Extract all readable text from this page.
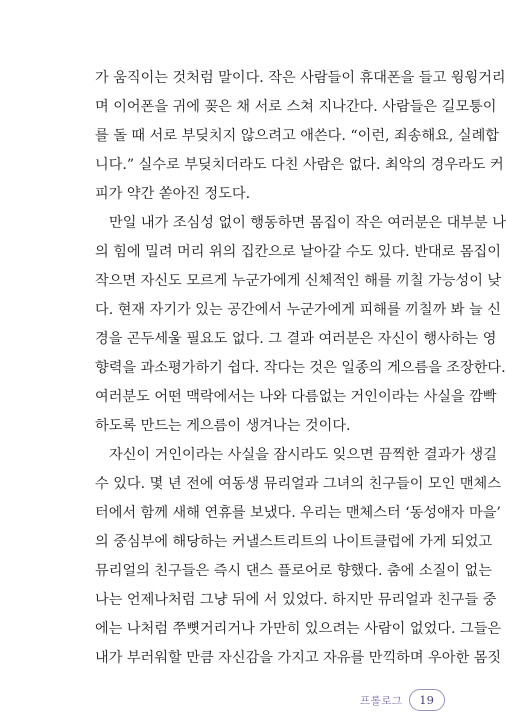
가 움직이는 것처럼 말이다. 작은 사람들이 휴대폰을 들고 윙윙거리
며 이어폰을 귀에 꽂은 채 서로 스쳐 지나간다. 사람들은 길모퉁이
를 돌 때 서로 부딪치지 않으려고 애쓴다. “이런, 죄송해요, 실례합
니다.” 실수로 부딪치더라도 다친 사람은 없다. 최악의 경우라도 커
피가 약간 쏟아진 정도다.
만일 내가 조심성 없이 행동하면 몸집이 작은 여러분은 대부분 나
의 힘에 밀려 머리 위의 집칸으로 날아갈 수도 있다. 반대로 몸집이
작으면 자신도 모르게 누군가에게 신체적인 해를 끼칠 가능성이 낮
다. 현재 자기가 있는 공간에서 누군가에게 피해를 끼칠까 봐 늘 신
경을 곤두세울 필요도 없다. 그 결과 여러분은 자신이 행사하는 영
향력을 과소평가하기 쉽다. 작다는 것은 일종의 게으름을 조장한다.
여러분도 어떤 맥락에서는 나와 다름없는 거인이라는 사실을 깜빡
하도록 만드는 게으름이 생겨나는 것이다.
자신이 거인이라는 사실을 잠시라도 잊으면 끔찍한 결과가 생길
수 있다. 몇 년 전에 여동생 뮤리얼과 그녀의 친구들이 모인 맨체스
터에서 함께 새해 연휴를 보냈다. 우리는 맨체스터 ‘동성애자 마을’
의 중심부에 해당하는 커낼스트리트의 나이트클럽에 가게 되었고
뮤리얼의 친구들은 즉시 댄스 플로어로 향했다. 춤에 소질이 없는
나는 언제나처럼 그냥 뒤에 서 있었다. 하지만 뮤리얼과 친구들 중
에는 나처럼 쭈뼛거리거나 가만히 있으려는 사람이 없었다. 그들은
내가 부러워할 만큼 자신감을 가지고 자유를 만끽하며 우아한 몸짓
프롤로그	19
